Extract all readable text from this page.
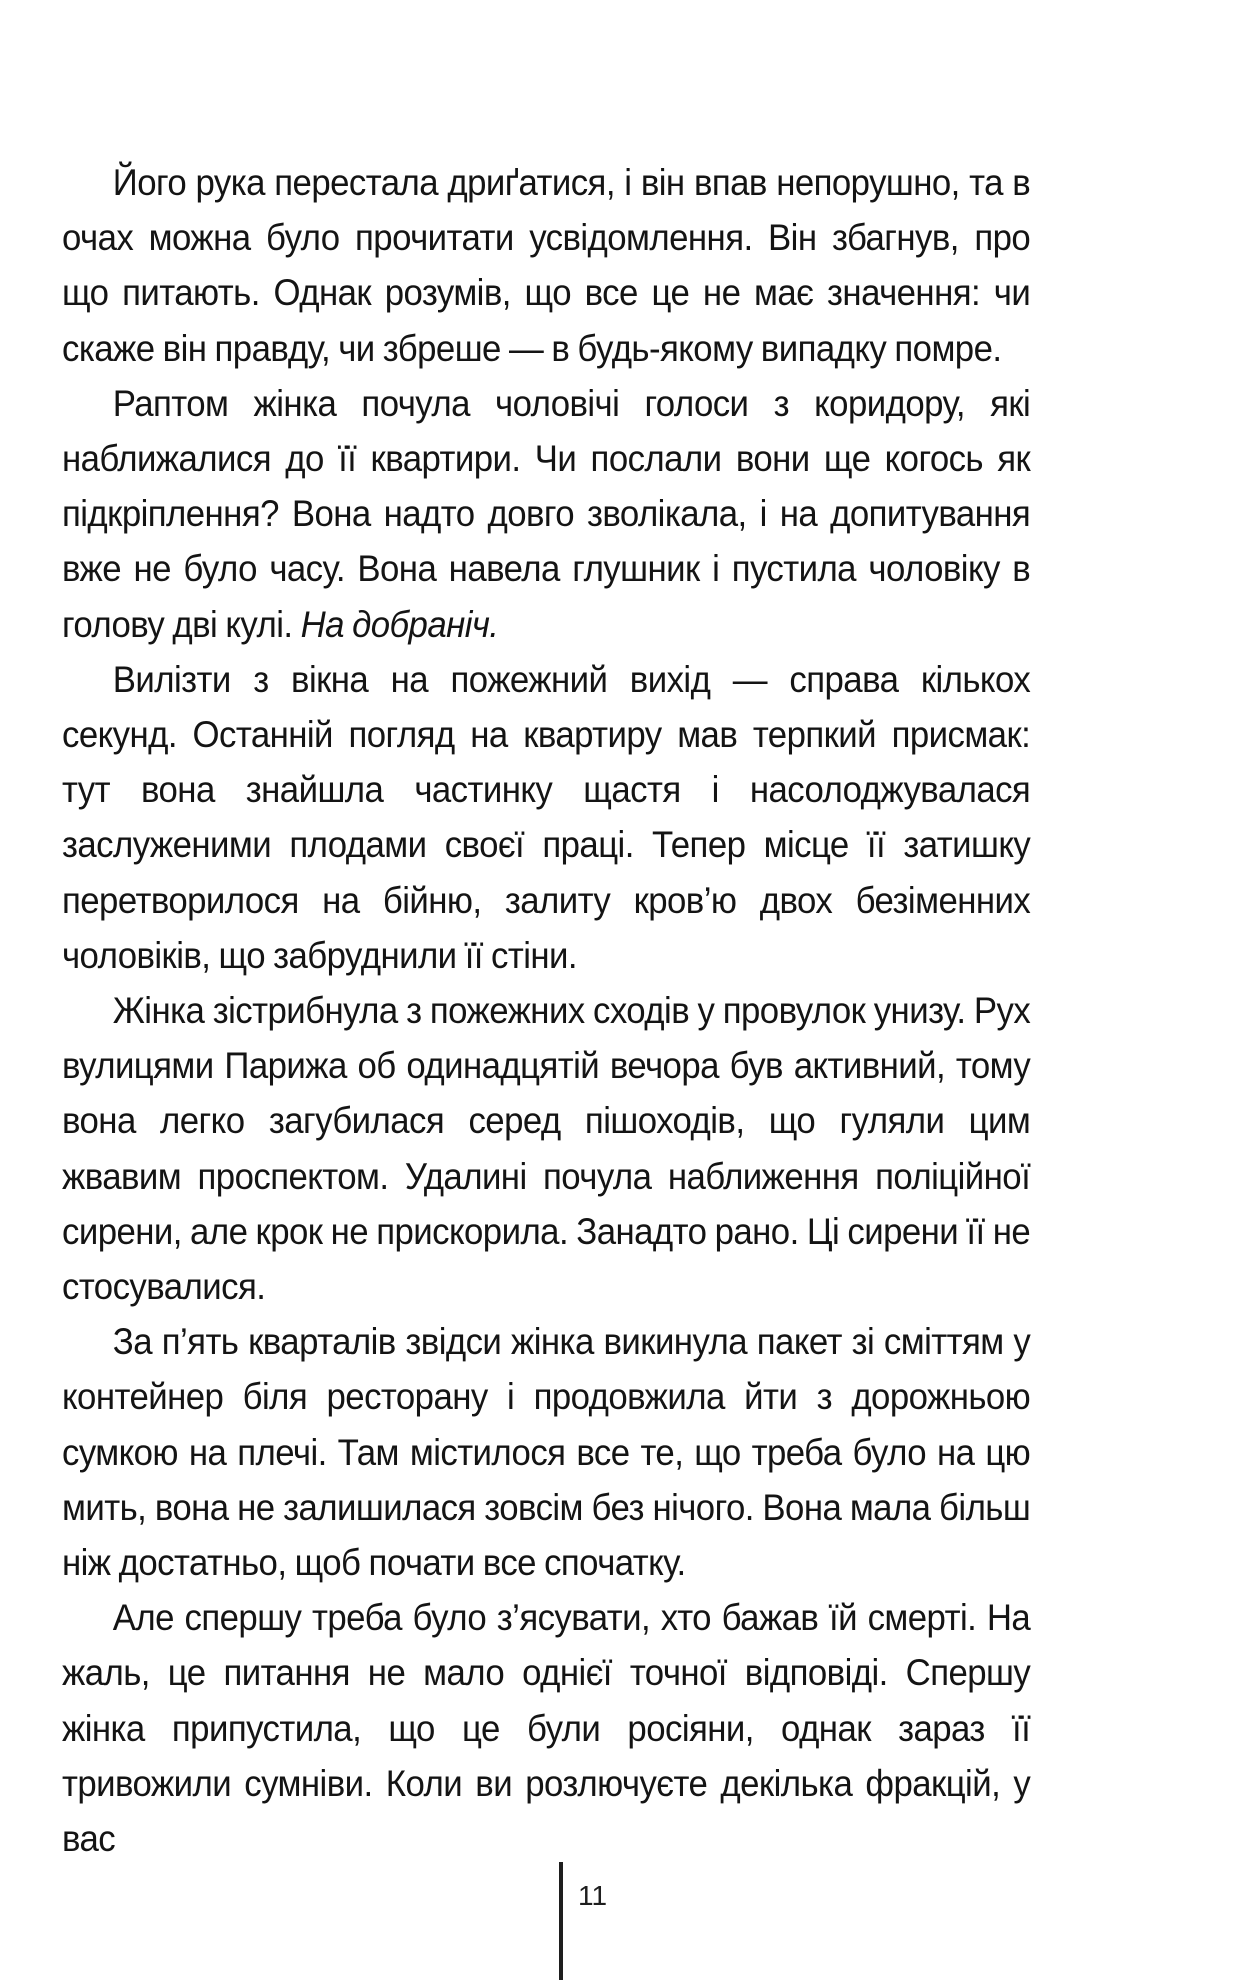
Його рука перестала дриґатися, і він впав непорушно, та в очах можна було прочитати усвідомлення. Він збагнув, про що питають. Однак розумів, що все це не має значення: чи скаже він правду, чи збреше — в будь-якому випадку помре.

Раптом жінка почула чоловічі голоси з коридору, які наближалися до її квартири. Чи послали вони ще когось як підкріплення? Вона надто довго зволікала, і на допитування вже не було часу. Вона навела глушник і пустила чоловіку в голову дві кулі. На добраніч.

Вилізти з вікна на пожежний вихід — справа кількох секунд. Останній погляд на квартиру мав терпкий присмак: тут вона знайшла частинку щастя і насолоджувалася заслуженими плодами своєї праці. Тепер місце її затишку перетворилося на бійню, залиту кров’ю двох безіменних чоловіків, що забруднили її стіни.

Жінка зістрибнула з пожежних сходів у провулок унизу. Рух вулицями Парижа об одинадцятій вечора був активний, тому вона легко загубилася серед пішоходів, що гуляли цим жвавим проспектом. Удалині почула наближення поліційної сирени, але крок не прискорила. Занадто рано. Ці сирени її не стосувалися.

За п’ять кварталів звідси жінка викинула пакет зі сміттям у контейнер біля ресторану і продовжила йти з дорожньою сумкою на плечі. Там містилося все те, що треба було на цю мить, вона не залишилася зовсім без нічого. Вона мала більш ніж достатньо, щоб почати все спочатку.

Але спершу треба було з’ясувати, хто бажав їй смерті. На жаль, це питання не мало однієї точної відповіді. Спершу жінка припустила, що це були росіяни, однак зараз її тривожили сумніви. Коли ви розлючуєте декілька фракцій, у вас

11
